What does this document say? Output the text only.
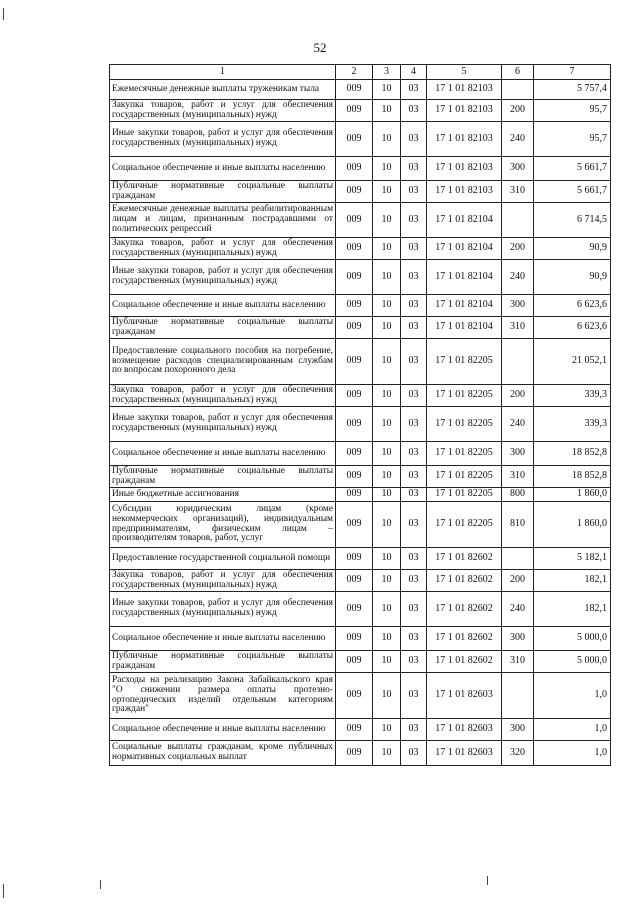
52
1	2	3	4	5	6	7
Ежемесячные денежные выплаты труженикам тыла	009	10	03	17 1 01 82103		5 757,4
Закупка товаров, работ и услуг для обеспечения государственных (муниципальных) нужд	009	10	03	17 1 01 82103	200	95,7
Иные закупки товаров, работ и услуг для обеспечения государственных (муниципальных) нужд	009	10	03	17 1 01 82103	240	95,7
Социальное обеспечение и иные выплаты населению	009	10	03	17 1 01 82103	300	5 661,7
Публичные нормативные социальные выплаты гражданам	009	10	03	17 1 01 82103	310	5 661,7
Ежемесячные денежные выплаты реабилитированным лицам и лицам, признанным пострадавшими от политических репрессий	009	10	03	17 1 01 82104		6 714,5
Закупка товаров, работ и услуг для обеспечения государственных (муниципальных) нужд	009	10	03	17 1 01 82104	200	90,9
Иные закупки товаров, работ и услуг для обеспечения государственных (муниципальных) нужд	009	10	03	17 1 01 82104	240	90,9
Социальное обеспечение и иные выплаты населению	009	10	03	17 1 01 82104	300	6 623,6
Публичные нормативные социальные выплаты гражданам	009	10	03	17 1 01 82104	310	6 623,6
Предоставление социального пособия на погребение, возмещение расходов специализированным службам по вопросам похоронного дела	009	10	03	17 1 01 82205		21 052,1
Закупка товаров, работ и услуг для обеспечения государственных (муниципальных) нужд	009	10	03	17 1 01 82205	200	339,3
Иные закупки товаров, работ и услуг для обеспечения государственных (муниципальных) нужд	009	10	03	17 1 01 82205	240	339,3
Социальное обеспечение и иные выплаты населению	009	10	03	17 1 01 82205	300	18 852,8
Публичные нормативные социальные выплаты гражданам	009	10	03	17 1 01 82205	310	18 852,8
Иные бюджетные ассигнования	009	10	03	17 1 01 82205	800	1 860,0
Субсидии юридическим лицам (кроме некоммерческих организаций), индивидуальным предпринимателям, физическим лицам – производителям товаров, работ, услуг	009	10	03	17 1 01 82205	810	1 860,0
Предоставление государственной социальной помощи	009	10	03	17 1 01 82602		5 182,1
Закупка товаров, работ и услуг для обеспечения государственных (муниципальных) нужд	009	10	03	17 1 01 82602	200	182,1
Иные закупки товаров, работ и услуг для обеспечения государственных (муниципальных) нужд	009	10	03	17 1 01 82602	240	182,1
Социальное обеспечение и иные выплаты населению	009	10	03	17 1 01 82602	300	5 000,0
Публичные нормативные социальные выплаты гражданам	009	10	03	17 1 01 82602	310	5 000,0
Расходы на реализацию Закона Забайкальского края "О снижении размера оплаты протезно-ортопедических изделий отдельным категориям граждан"	009	10	03	17 1 01 82603		1,0
Социальное обеспечение и иные выплаты населению	009	10	03	17 1 01 82603	300	1,0
Социальные выплаты гражданам, кроме публичных нормативных социальных выплат	009	10	03	17 1 01 82603	320	1,0
